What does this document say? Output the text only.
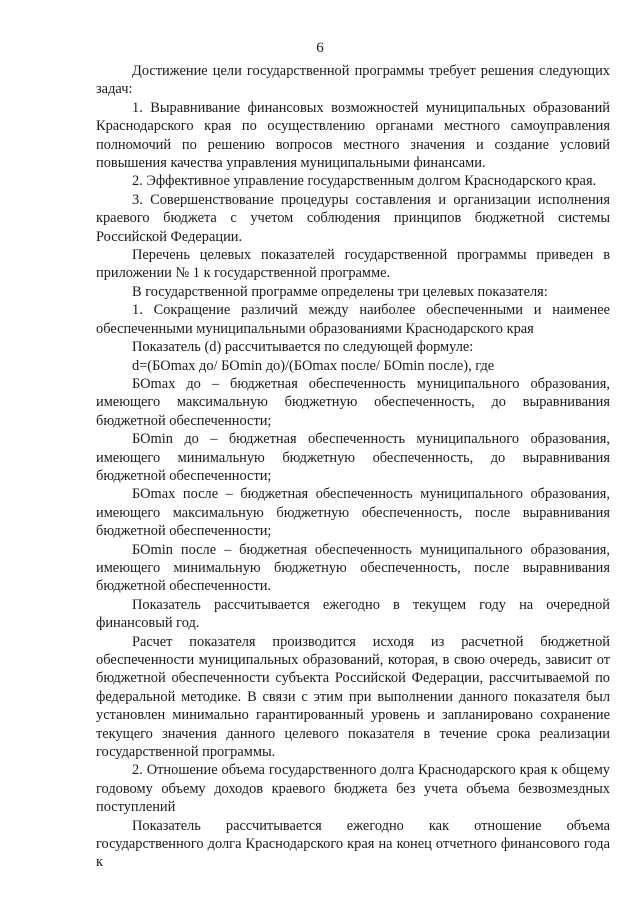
6

Достижение цели государственной программы требует решения следующих задач:

1. Выравнивание финансовых возможностей муниципальных образований Краснодарского края по осуществлению органами местного самоуправления полномочий по решению вопросов местного значения и создание условий повышения качества управления муниципальными финансами.

2. Эффективное управление государственным долгом Краснодарского края.

3. Совершенствование процедуры составления и организации исполнения краевого бюджета с учетом соблюдения принципов бюджетной системы Российской Федерации.

Перечень целевых показателей государственной программы приведен в приложении № 1 к государственной программе.

В государственной программе определены три целевых показателя:

1. Сокращение различий между наиболее обеспеченными и наименее обеспеченными муниципальными образованиями Краснодарского края

Показатель (d) рассчитывается по следующей формуле:

d=(БОmax до/ БОmin до)/(БОmax после/ БОmin после), где

БОmax до – бюджетная обеспеченность муниципального образования, имеющего максимальную бюджетную обеспеченность, до выравнивания бюджетной обеспеченности;

БОmin до – бюджетная обеспеченность муниципального образования, имеющего минимальную бюджетную обеспеченность, до выравнивания бюджетной обеспеченности;

БОmax после – бюджетная обеспеченность муниципального образования, имеющего максимальную бюджетную обеспеченность, после выравнивания бюджетной обеспеченности;

БОmin после – бюджетная обеспеченность муниципального образования, имеющего минимальную бюджетную обеспеченность, после выравнивания бюджетной обеспеченности.

Показатель рассчитывается ежегодно в текущем году на очередной финансовый год.

Расчет показателя производится исходя из расчетной бюджетной обеспеченности муниципальных образований, которая, в свою очередь, зависит от бюджетной обеспеченности субъекта Российской Федерации, рассчитываемой по федеральной методике. В связи с этим при выполнении данного показателя был установлен минимально гарантированный уровень и запланировано сохранение текущего значения данного целевого показателя в течение срока реализации государственной программы.

2. Отношение объема государственного долга Краснодарского края к общему годовому объему доходов краевого бюджета без учета объема безвозмездных поступлений

Показатель рассчитывается ежегодно как отношение объема государственного долга Краснодарского края на конец отчетного финансового года к
